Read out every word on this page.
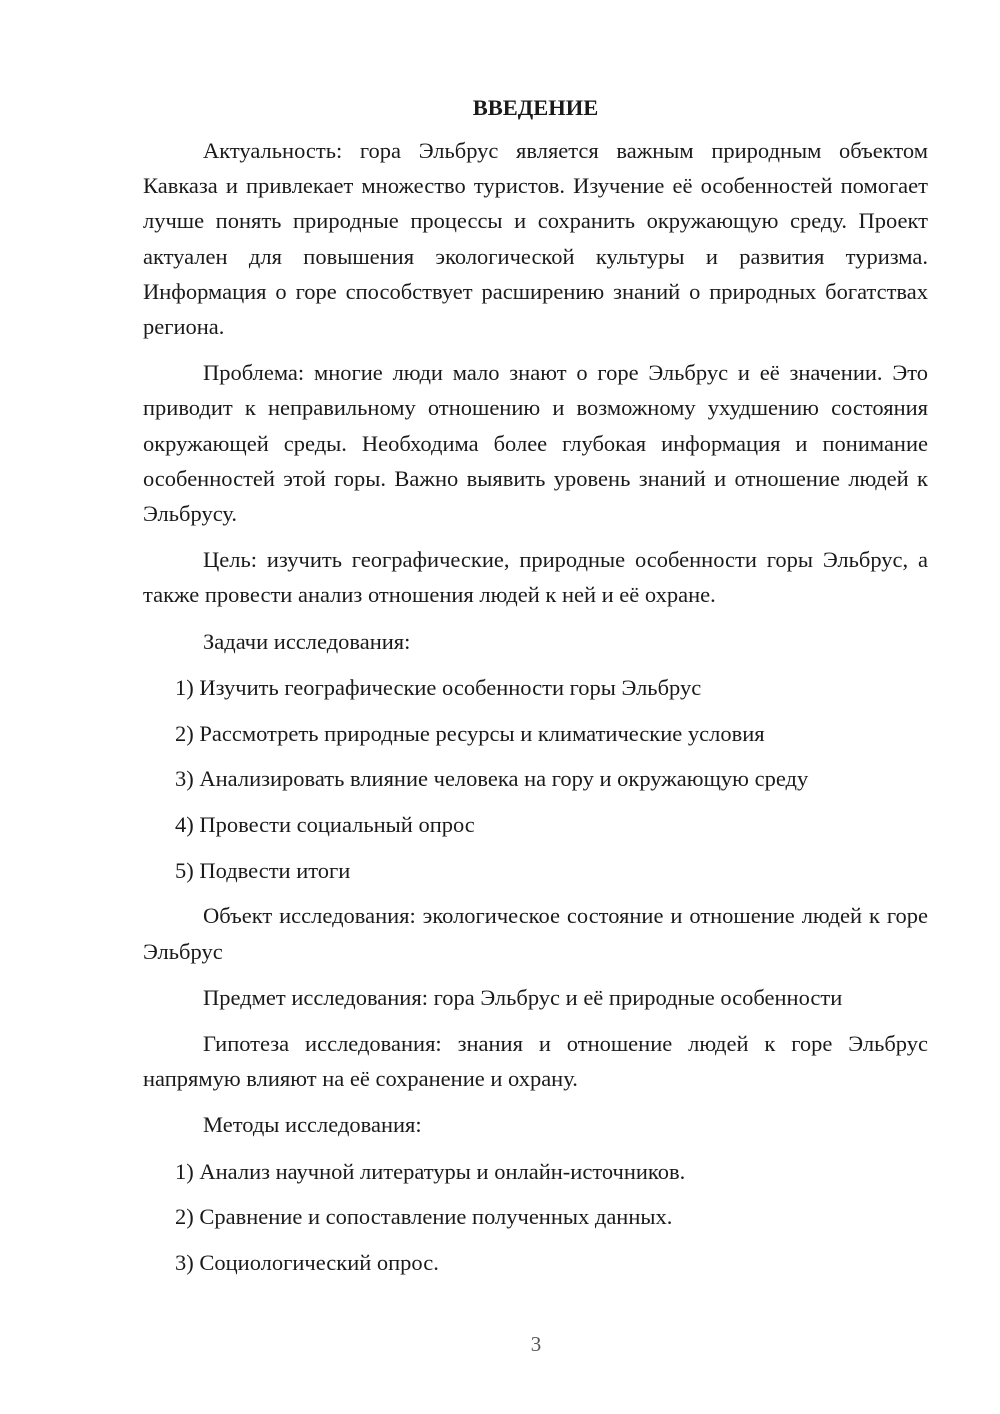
ВВЕДЕНИЕ

Актуальность: гора Эльбрус является важным природным объектом Кавказа и привлекает множество туристов. Изучение её особенностей помогает лучше понять природные процессы и сохранить окружающую среду. Проект актуален для повышения экологической культуры и развития туризма. Информация о горе способствует расширению знаний о природных богатствах региона.

Проблема: многие люди мало знают о горе Эльбрус и её значении. Это приводит к неправильному отношению и возможному ухудшению состояния окружающей среды. Необходима более глубокая информация и понимание особенностей этой горы. Важно выявить уровень знаний и отношение людей к Эльбрусу.

Цель: изучить географические, природные особенности горы Эльбрус, а также провести анализ отношения людей к ней и её охране.

Задачи исследования:

1) Изучить географические особенности горы Эльбрус

2) Рассмотреть природные ресурсы и климатические условия

3) Анализировать влияние человека на гору и окружающую среду

4) Провести социальный опрос

5) Подвести итоги

Объект исследования: экологическое состояние и отношение людей к горе Эльбрус

Предмет исследования: гора Эльбрус и её природные особенности

Гипотеза исследования: знания и отношение людей к горе Эльбрус напрямую влияют на её сохранение и охрану.

Методы исследования:

1) Анализ научной литературы и онлайн-источников.

2) Сравнение и сопоставление полученных данных.

3) Социологический опрос.

3
